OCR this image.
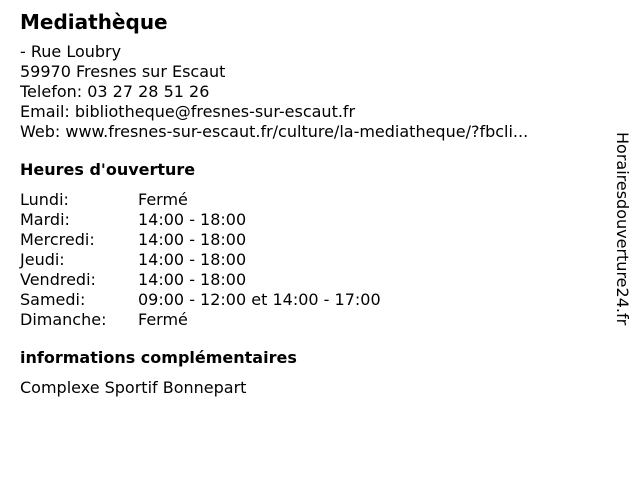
Mediathèque
- Rue Loubry
59970 Fresnes sur Escaut
Telefon: 03 27 28 51 26
Email: bibliotheque@fresnes-sur-escaut.fr
Web: www.fresnes-sur-escaut.fr/culture/la-mediatheque/?fbcli...
Heures d'ouverture
Lundi:	Fermé
Mardi:	14:00 - 18:00
Mercredi:	14:00 - 18:00
Jeudi:	14:00 - 18:00
Vendredi:	14:00 - 18:00
Samedi:	09:00 - 12:00 et 14:00 - 17:00
Dimanche:	Fermé
informations complémentaires
Complexe Sportif Bonnepart
Horairesdouverture24.fr
